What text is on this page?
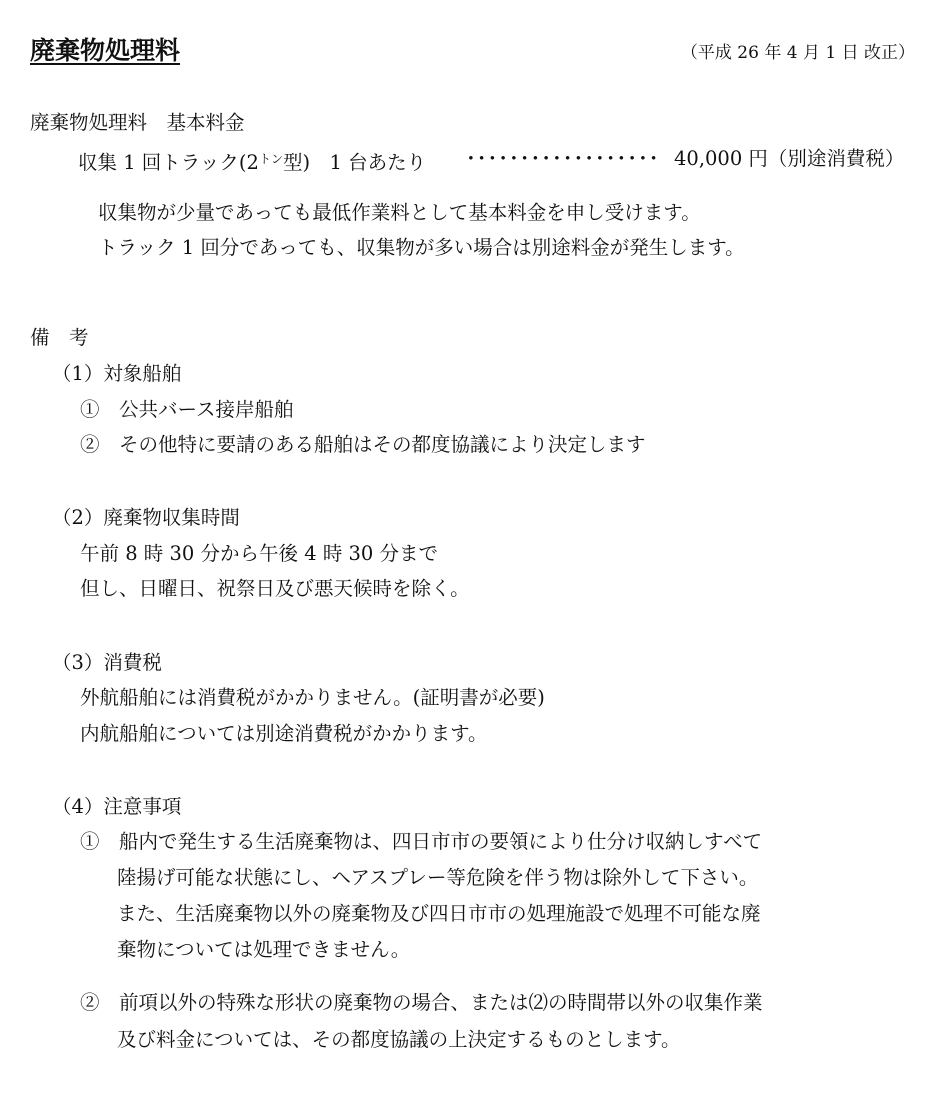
廃棄物処理料	（平成 26 年 4 月 1 日 改正）
廃棄物処理料　基本料金
収集 1 回トラック($2^{トン}$型)　1 台あたり ･･････････････････ 40,000 円（別途消費税）
収集物が少量であっても最低作業料として基本料金を申し受けます。
トラック 1 回分であっても、収集物が多い場合は別途料金が発生します。
備　考
（1）対象船舶
①　公共バース接岸船舶
②　その他特に要請のある船舶はその都度協議により決定します
（2）廃棄物収集時間
午前 8 時 30 分から午後 4 時 30 分まで
但し、日曜日、祝祭日及び悪天候時を除く。
（3）消費税
外航船舶には消費税がかかりません。(証明書が必要)
内航船舶については別途消費税がかかります。
（4）注意事項
①　船内で発生する生活廃棄物は、四日市市の要領により仕分け収納しすべて
陸揚げ可能な状態にし、ヘアスプレー等危険を伴う物は除外して下さい。
また、生活廃棄物以外の廃棄物及び四日市市の処理施設で処理不可能な廃
棄物については処理できません。
②　前項以外の特殊な形状の廃棄物の場合、または⑵の時間帯以外の収集作業
及び料金については、その都度協議の上決定するものとします。
